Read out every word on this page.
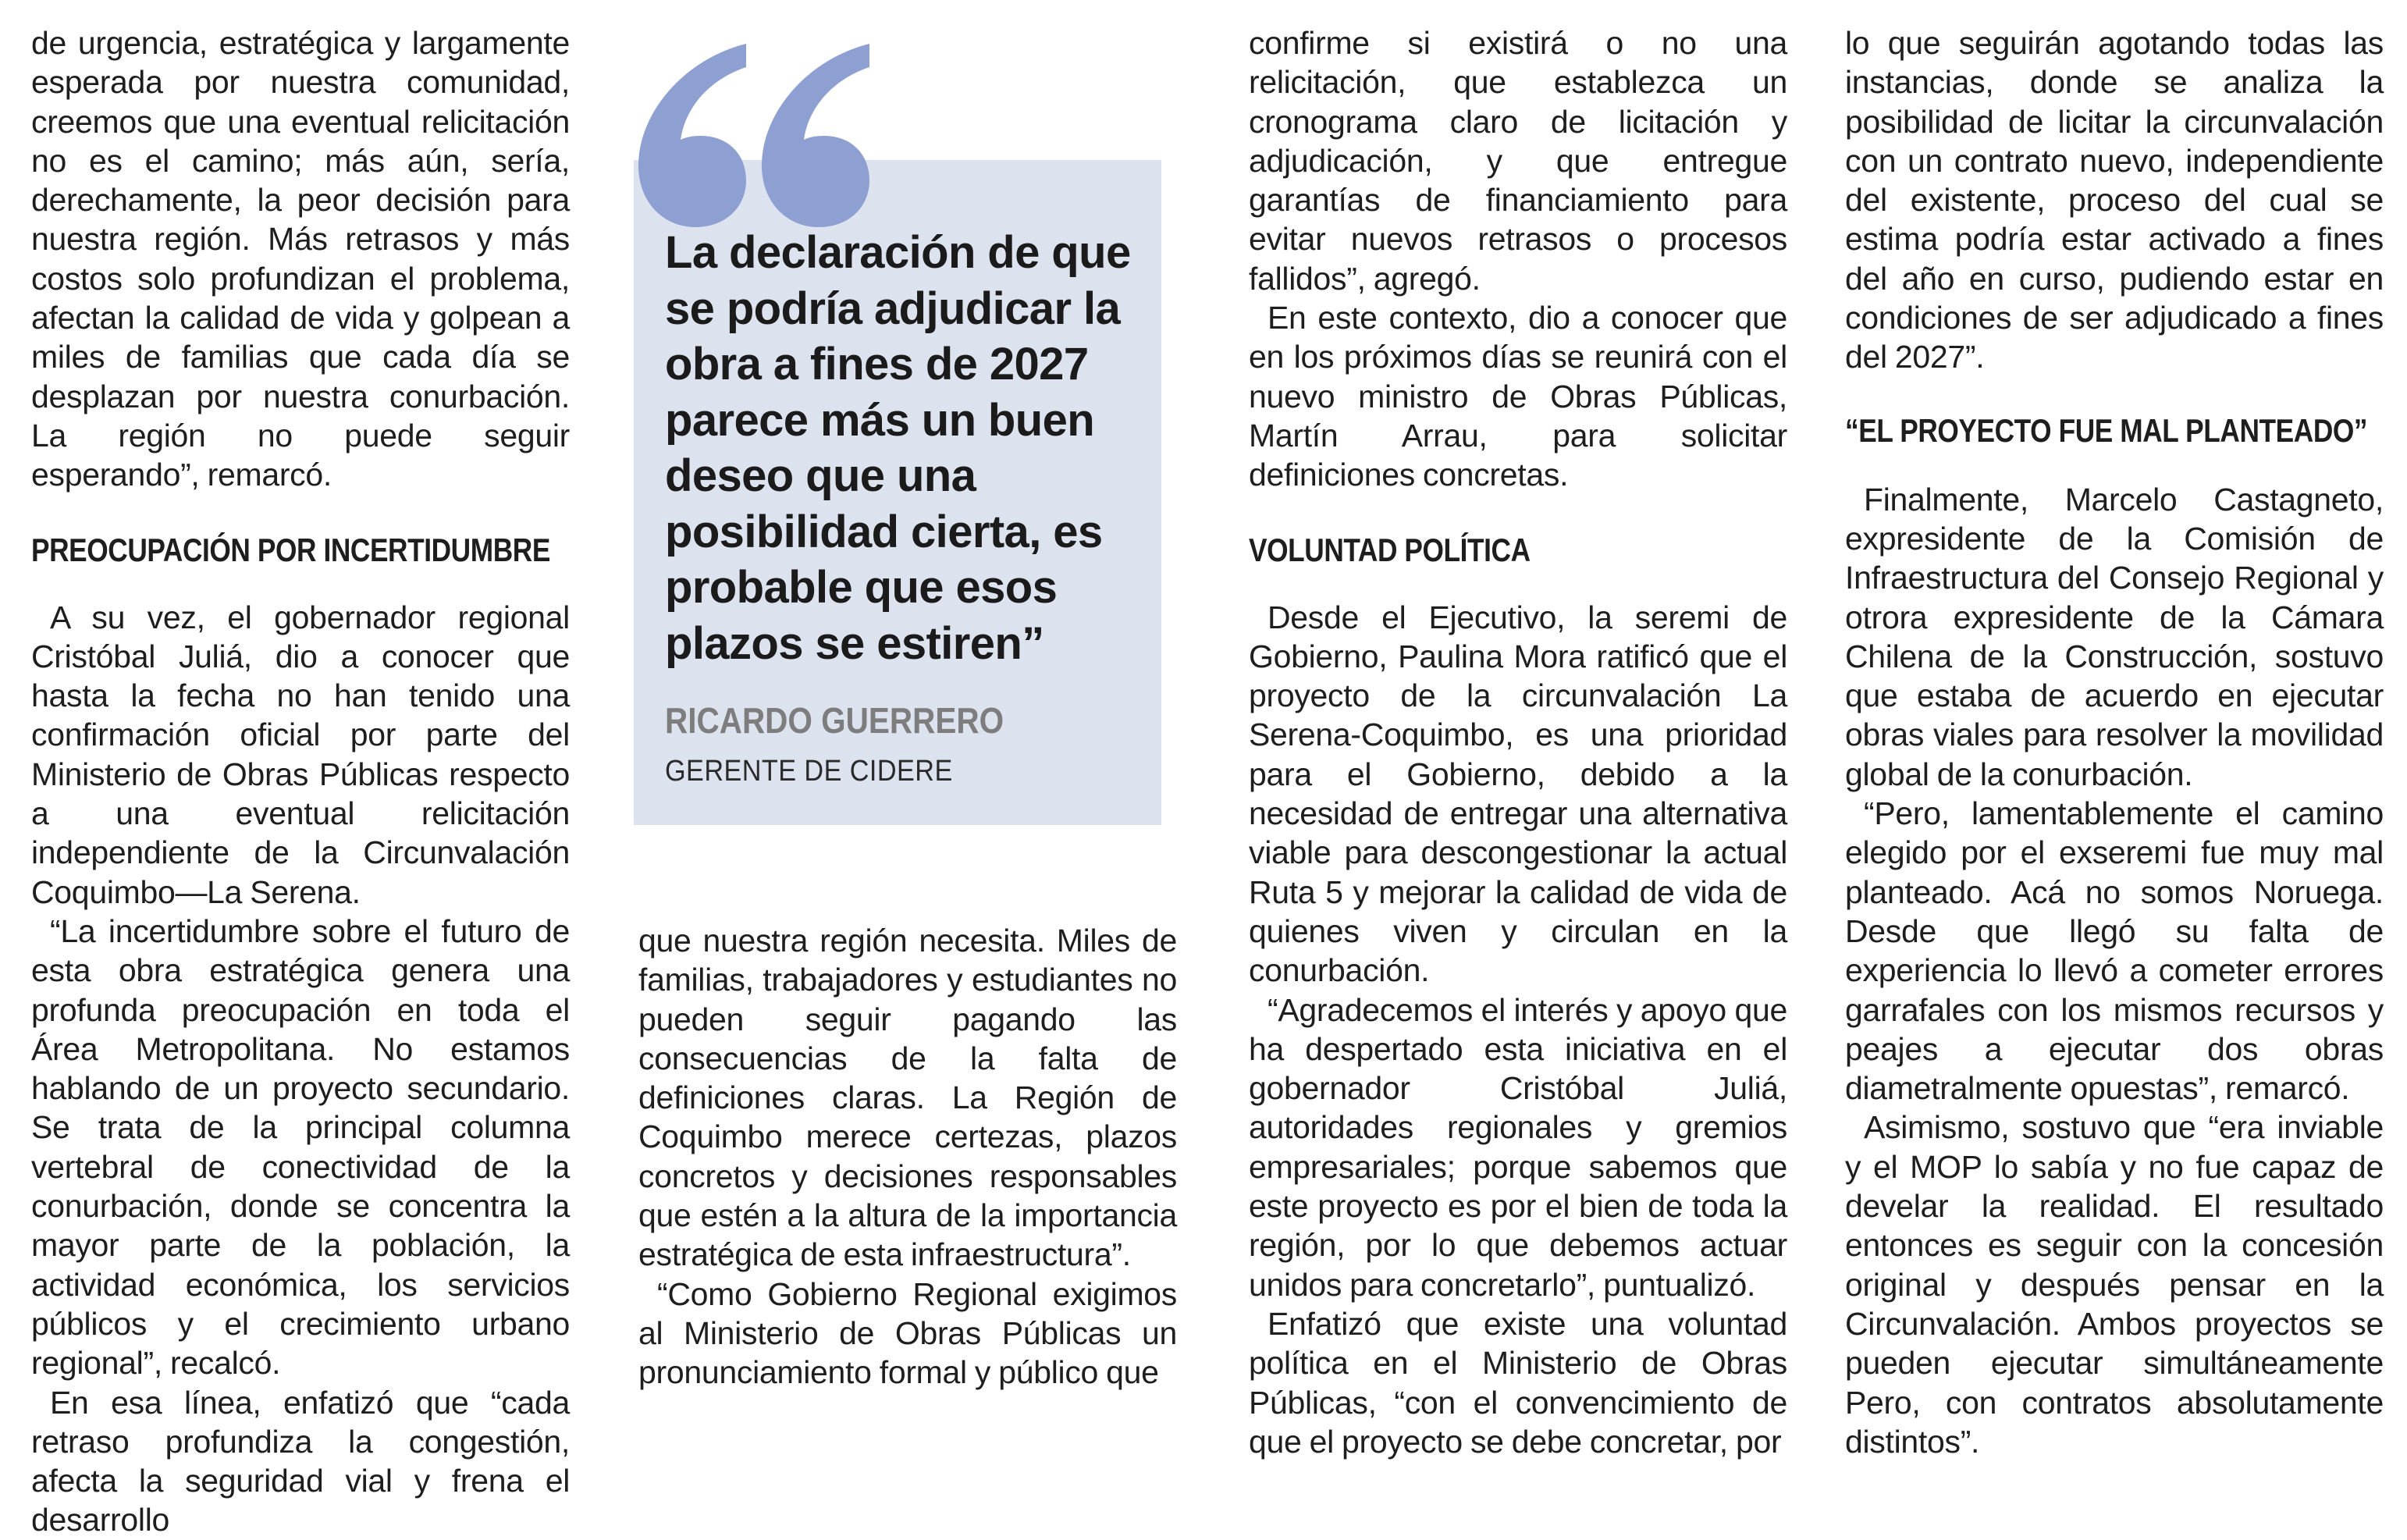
de urgencia, estratégica y largamente esperada por nuestra comunidad, creemos que una eventual relicitación no es el camino; más aún, sería, derechamente, la peor decisión para nuestra región. Más retrasos y más costos solo profundizan el problema, afectan la calidad de vida y golpean a miles de familias que cada día se desplazan por nuestra conurbación. La región no puede seguir esperando”, remarcó.

PREOCUPACIÓN POR INCERTIDUMBRE

A su vez, el gobernador regional Cristóbal Juliá, dio a conocer que hasta la fecha no han tenido una confirmación oficial por parte del Ministerio de Obras Públicas respecto a una eventual relicitación independiente de la Circunvalación Coquimbo—La Serena.

“La incertidumbre sobre el futuro de esta obra estratégica genera una profunda preocupación en toda el Área Metropolitana. No estamos hablando de un proyecto secundario. Se trata de la principal columna vertebral de conectividad de la conurbación, donde se concentra la mayor parte de la población, la actividad económica, los servicios públicos y el crecimiento urbano regional”, recalcó.

En esa línea, enfatizó que “cada retraso profundiza la congestión, afecta la seguridad vial y frena el desarrollo

La declaración de que se podría adjudicar la obra a fines de 2027 parece más un buen deseo que una posibilidad cierta, es probable que esos plazos se estiren”

RICARDO GUERRERO

GERENTE DE CIDERE

que nuestra región necesita. Miles de familias, trabajadores y estudiantes no pueden seguir pagando las consecuencias de la falta de definiciones claras. La Región de Coquimbo merece certezas, plazos concretos y decisiones responsables que estén a la altura de la importancia estratégica de esta infraestructura”.

“Como Gobierno Regional exigimos al Ministerio de Obras Públicas un pronunciamiento formal y público que

confirme si existirá o no una relicitación, que establezca un cronograma claro de licitación y adjudicación, y que entregue garantías de financiamiento para evitar nuevos retrasos o procesos fallidos”, agregó.

En este contexto, dio a conocer que en los próximos días se reunirá con el nuevo ministro de Obras Públicas, Martín Arrau, para solicitar definiciones concretas.

VOLUNTAD POLÍTICA

Desde el Ejecutivo, la seremi de Gobierno, Paulina Mora ratificó que el proyecto de la circunvalación La Serena-Coquimbo, es una prioridad para el Gobierno, debido a la necesidad de entregar una alternativa viable para descongestionar la actual Ruta 5 y mejorar la calidad de vida de quienes viven y circulan en la conurbación.

“Agradecemos el interés y apoyo que ha despertado esta iniciativa en el gobernador Cristóbal Juliá, autoridades regionales y gremios empresariales; porque sabemos que este proyecto es por el bien de toda la región, por lo que debemos actuar unidos para concretarlo”, puntualizó.

Enfatizó que existe una voluntad política en el Ministerio de Obras Públicas, “con el convencimiento de que el proyecto se debe concretar, por

lo que seguirán agotando todas las instancias, donde se analiza la posibilidad de licitar la circunvalación con un contrato nuevo, independiente del existente, proceso del cual se estima podría estar activado a fines del año en curso, pudiendo estar en condiciones de ser adjudicado a fines del 2027”.

“EL PROYECTO FUE MAL PLANTEADO”

Finalmente, Marcelo Castagneto, expresidente de la Comisión de Infraestructura del Consejo Regional y otrora expresidente de la Cámara Chilena de la Construcción, sostuvo que estaba de acuerdo en ejecutar obras viales para resolver la movilidad global de la conurbación.

“Pero, lamentablemente el camino elegido por el exseremi fue muy mal planteado. Acá no somos Noruega. Desde que llegó su falta de experiencia lo llevó a cometer errores garrafales con los mismos recursos y peajes a ejecutar dos obras diametralmente opuestas”, remarcó.

Asimismo, sostuvo que “era inviable y el MOP lo sabía y no fue capaz de develar la realidad. El resultado entonces es seguir con la concesión original y después pensar en la Circunvalación. Ambos proyectos se pueden ejecutar simultáneamente Pero, con contratos absolutamente distintos”.
